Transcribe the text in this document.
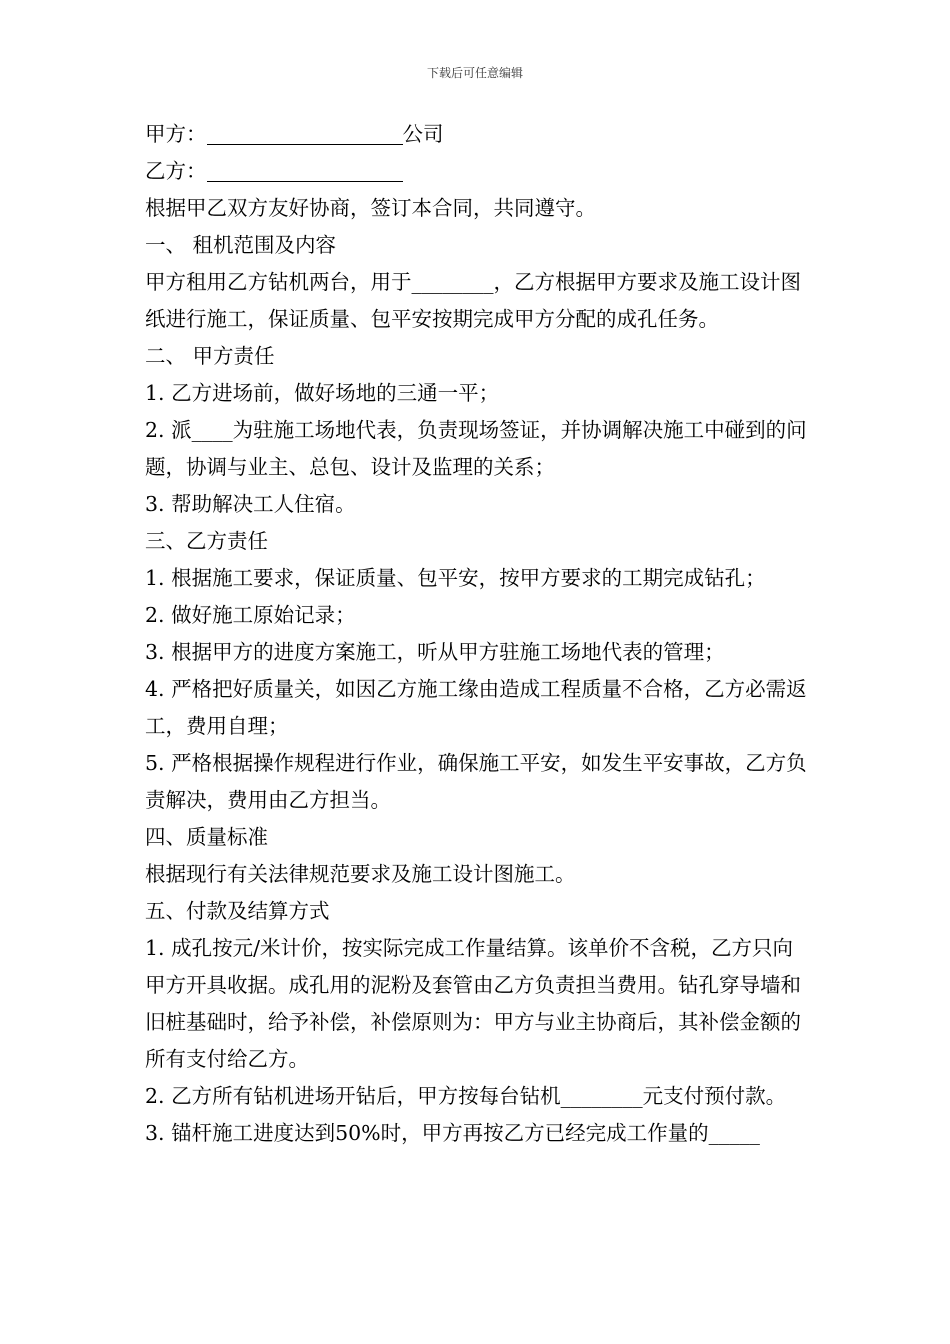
下载后可任意编辑

甲方：	公司

乙方：

根据甲乙双方友好协商，签订本合同，共同遵守。

一、 租机范围及内容

甲方租用乙方钻机两台，用于________，乙方根据甲方要求及施工设计图纸进行施工，保证质量、包平安按期完成甲方分配的成孔任务。

二、 甲方责任

1. 乙方进场前，做好场地的三通一平；

2. 派____为驻施工场地代表，负责现场签证，并协调解决施工中碰到的问题，协调与业主、总包、设计及监理的关系；

3. 帮助解决工人住宿。

三、乙方责任

1. 根据施工要求，保证质量、包平安，按甲方要求的工期完成钻孔；

2. 做好施工原始记录；

3. 根据甲方的进度方案施工，听从甲方驻施工场地代表的管理；

4. 严格把好质量关，如因乙方施工缘由造成工程质量不合格，乙方必需返工，费用自理；

5. 严格根据操作规程进行作业，确保施工平安，如发生平安事故，乙方负责解决，费用由乙方担当。

四、质量标准

根据现行有关法律规范要求及施工设计图施工。

五、付款及结算方式

1. 成孔按元/米计价，按实际完成工作量结算。该单价不含税，乙方只向甲方开具收据。成孔用的泥粉及套管由乙方负责担当费用。钻孔穿导墙和旧桩基础时，给予补偿，补偿原则为：甲方与业主协商后，其补偿金额的所有支付给乙方。

2. 乙方所有钻机进场开钻后，甲方按每台钻机________元支付预付款。

3. 锚杆施工进度达到50%时，甲方再按乙方已经完成工作量的_____
